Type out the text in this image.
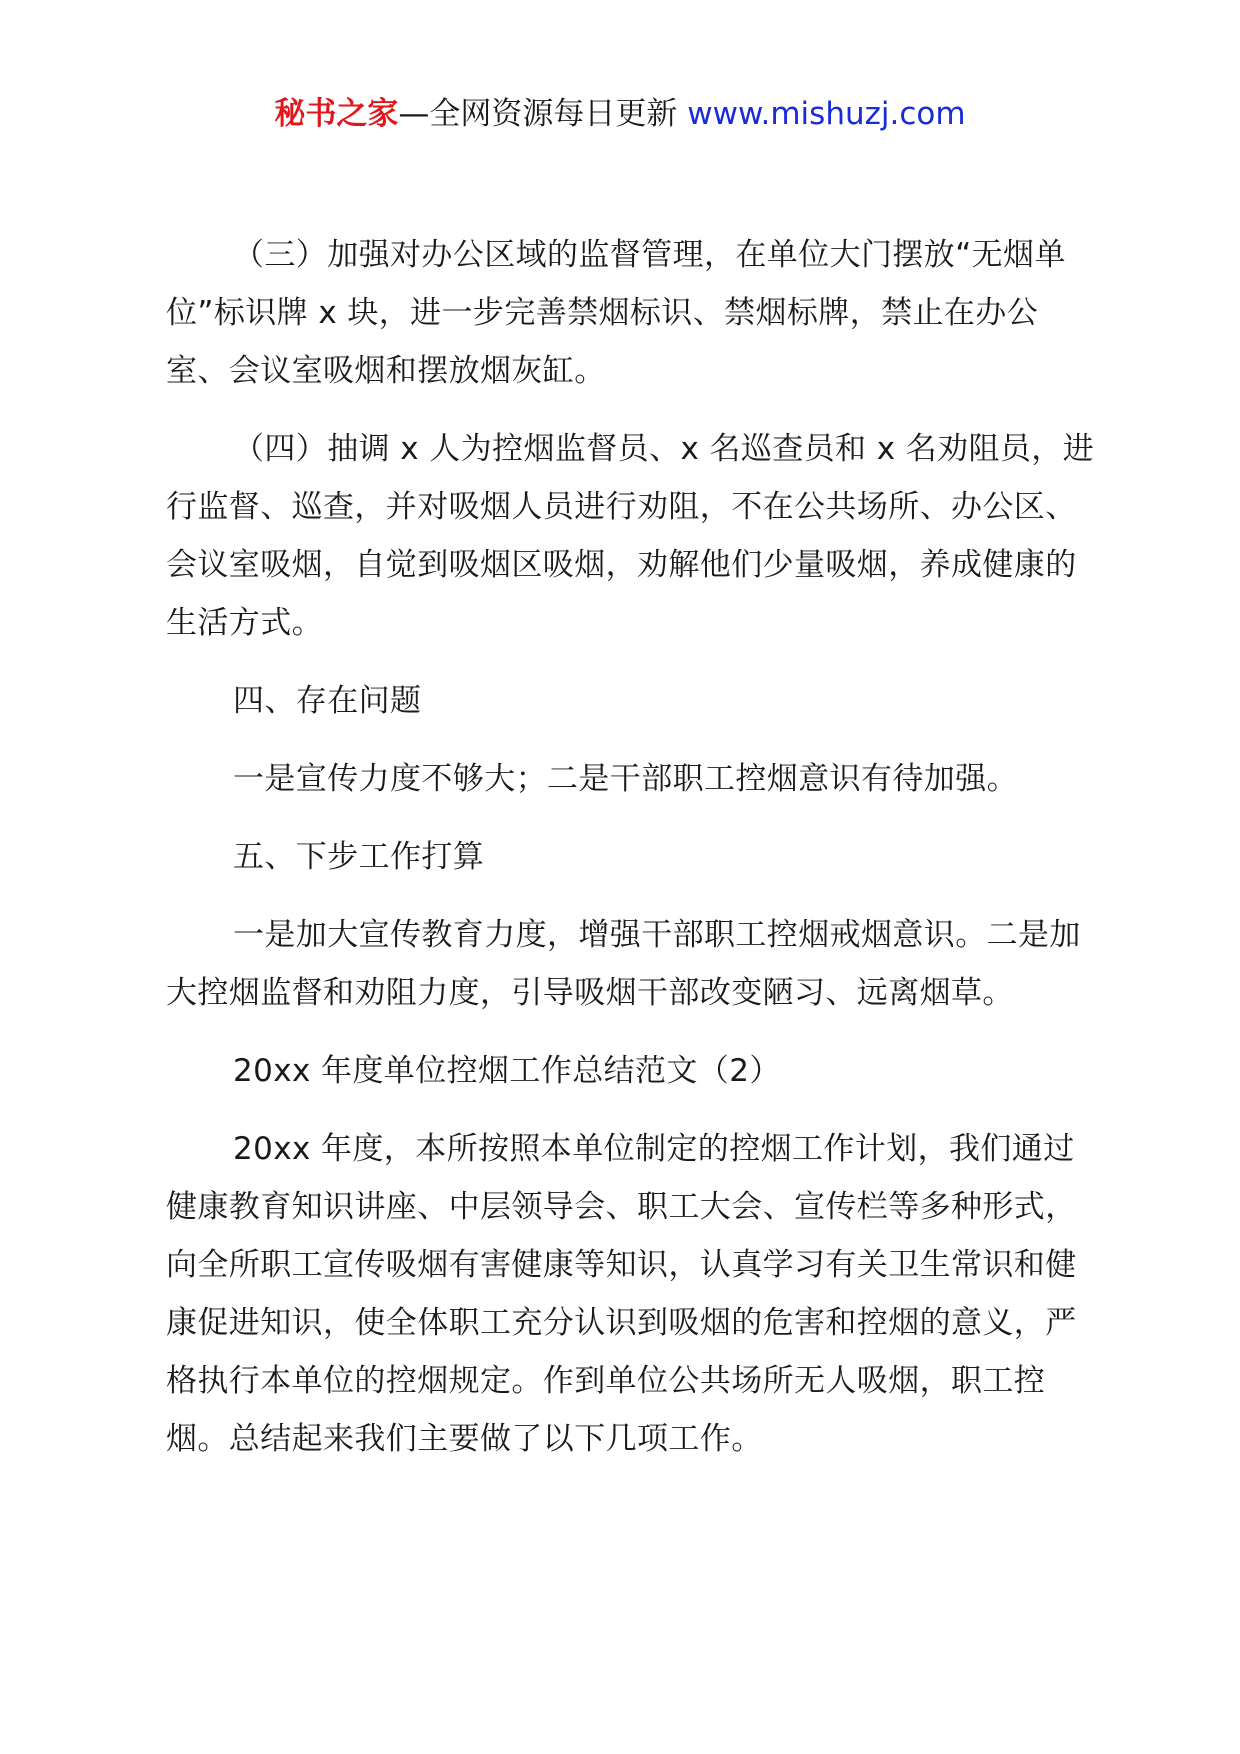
秘书之家—全网资源每日更新 www.mishuzj.com

（三）加强对办公区域的监督管理，在单位大门摆放“无烟单位”标识牌 x 块，进一步完善禁烟标识、禁烟标牌，禁止在办公室、会议室吸烟和摆放烟灰缸。

（四）抽调 x 人为控烟监督员、x 名巡查员和 x 名劝阻员，进行监督、巡查，并对吸烟人员进行劝阻，不在公共场所、办公区、会议室吸烟，自觉到吸烟区吸烟，劝解他们少量吸烟，养成健康的生活方式。

四、存在问题

一是宣传力度不够大；二是干部职工控烟意识有待加强。

五、下步工作打算

一是加大宣传教育力度，增强干部职工控烟戒烟意识。二是加大控烟监督和劝阻力度，引导吸烟干部改变陋习、远离烟草。

20xx 年度单位控烟工作总结范文（2）

20xx 年度，本所按照本单位制定的控烟工作计划，我们通过健康教育知识讲座、中层领导会、职工大会、宣传栏等多种形式，向全所职工宣传吸烟有害健康等知识，认真学习有关卫生常识和健康促进知识，使全体职工充分认识到吸烟的危害和控烟的意义，严格执行本单位的控烟规定。作到单位公共场所无人吸烟，职工控烟。总结起来我们主要做了以下几项工作。
